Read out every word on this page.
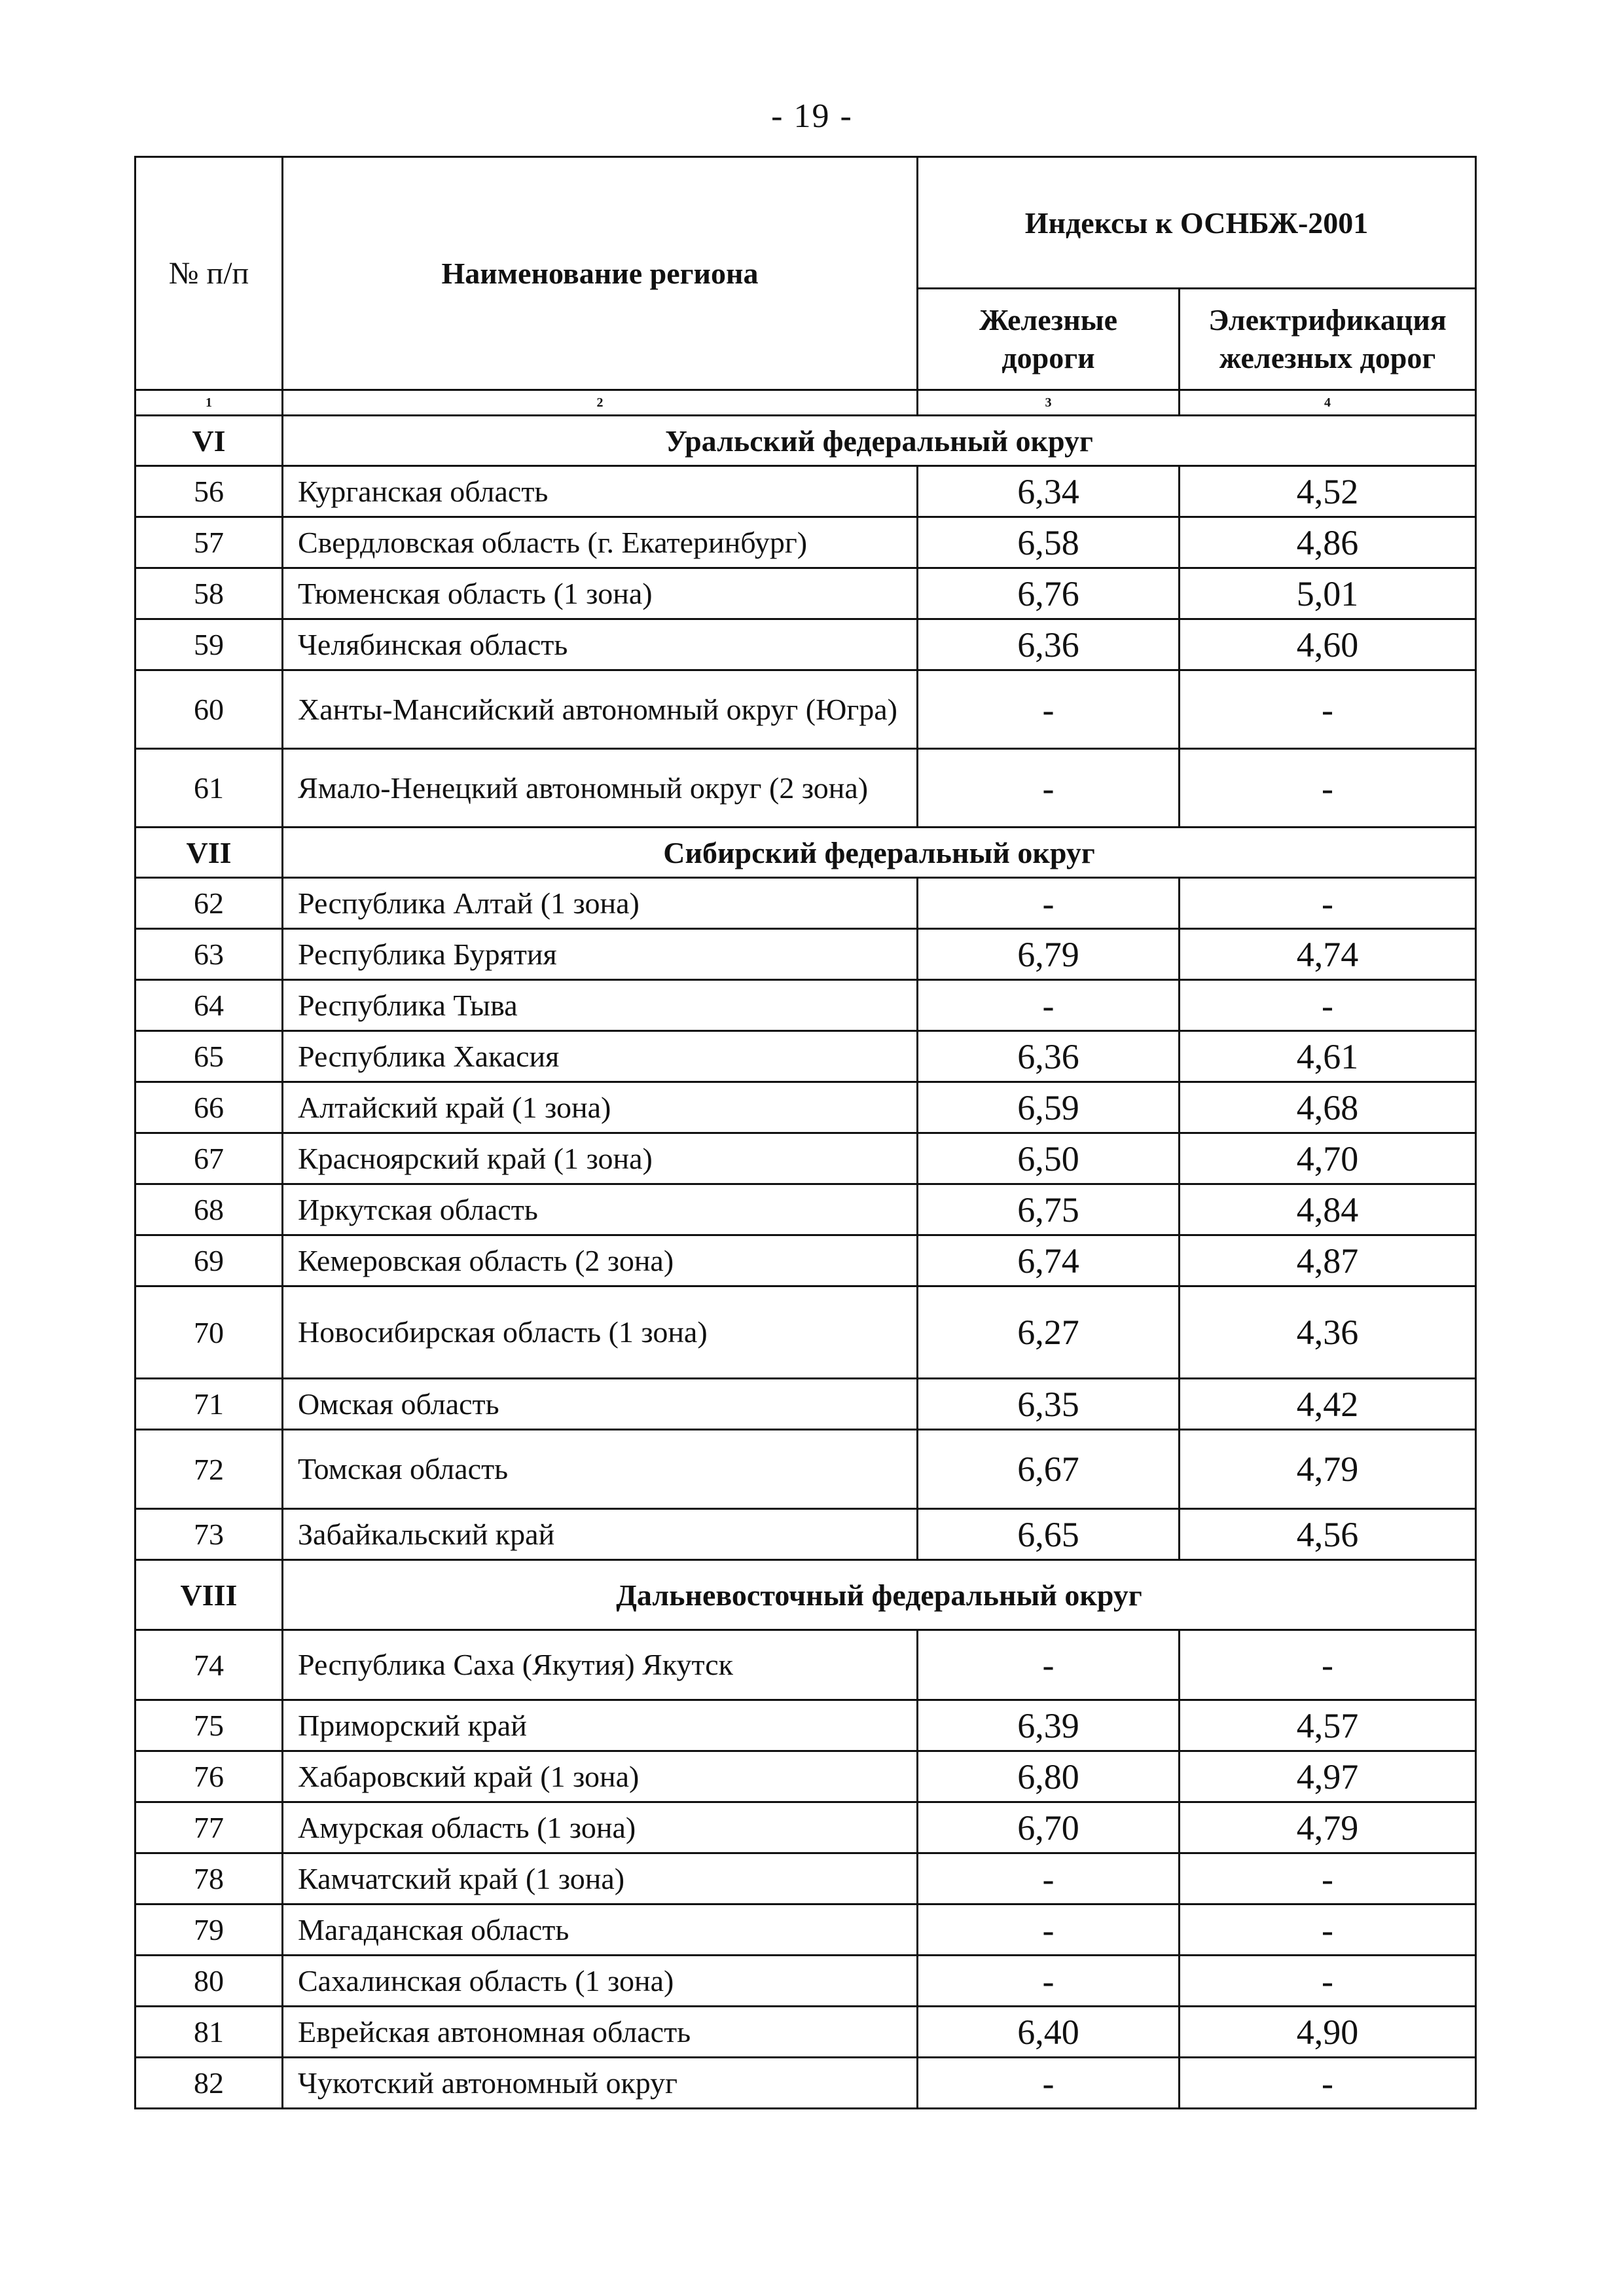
- 19 -
№ п/п	Наименование региона	Индексы к ОСНБЖ-2001	
		Железные дороги	Электрификация железных дорог
1	2	3	4
VI	Уральский федеральный округ		
56	Курганская область	6,34	4,52
57	Свердловская область (г. Екатеринбург)	6,58	4,86
58	Тюменская область (1 зона)	6,76	5,01
59	Челябинская область	6,36	4,60
60	Ханты-Мансийский автономный округ (Югра)	-	-
61	Ямало-Ненецкий автономный округ (2 зона)	-	-
VII	Сибирский федеральный округ		
62	Республика Алтай (1 зона)	-	-
63	Республика Бурятия	6,79	4,74
64	Республика Тыва	-	-
65	Республика Хакасия	6,36	4,61
66	Алтайский край (1 зона)	6,59	4,68
67	Красноярский край (1 зона)	6,50	4,70
68	Иркутская область	6,75	4,84
69	Кемеровская область (2 зона)	6,74	4,87
70	Новосибирская область (1 зона)	6,27	4,36
71	Омская область	6,35	4,42
72	Томская область	6,67	4,79
73	Забайкальский край	6,65	4,56
VIII	Дальневосточный федеральный округ		
74	Республика Саха (Якутия) Якутск	-	-
75	Приморский край	6,39	4,57
76	Хабаровский край (1 зона)	6,80	4,97
77	Амурская область (1 зона)	6,70	4,79
78	Камчатский край (1 зона)	-	-
79	Магаданская область	-	-
80	Сахалинская область (1 зона)	-	-
81	Еврейская автономная область	6,40	4,90
82	Чукотский автономный округ	-	-
